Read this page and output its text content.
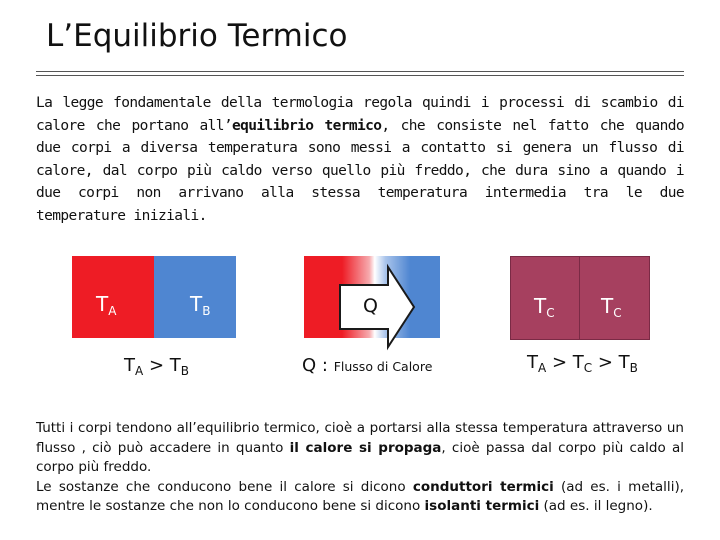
L’Equilibrio Termico

La legge fondamentale della termologia regola quindi i processi di scambio di calore che portano all’equilibrio termico, che consiste nel fatto che quando due corpi a diversa temperatura sono messi a contatto si genera un flusso di calore, dal corpo più caldo verso quello più freddo, che dura sino a quando i due corpi non arrivano alla stessa temperatura intermedia tra le due temperature iniziali.

$T_A$	$T_B$
$T_A > T_B$
Q
Q : Flusso di Calore
$T_C$ $T_C$
$T_A > T_C > T_B$

Tutti i corpi tendono all’equilibrio termico, cioè a portarsi alla stessa temperatura attraverso un flusso , ciò può accadere in quanto il calore si propaga, cioè passa dal corpo più caldo al corpo più freddo.
Le sostanze che conducono bene il calore si dicono conduttori termici (ad es. i metalli), mentre le sostanze che non lo conducono bene si dicono isolanti termici (ad es. il legno).
